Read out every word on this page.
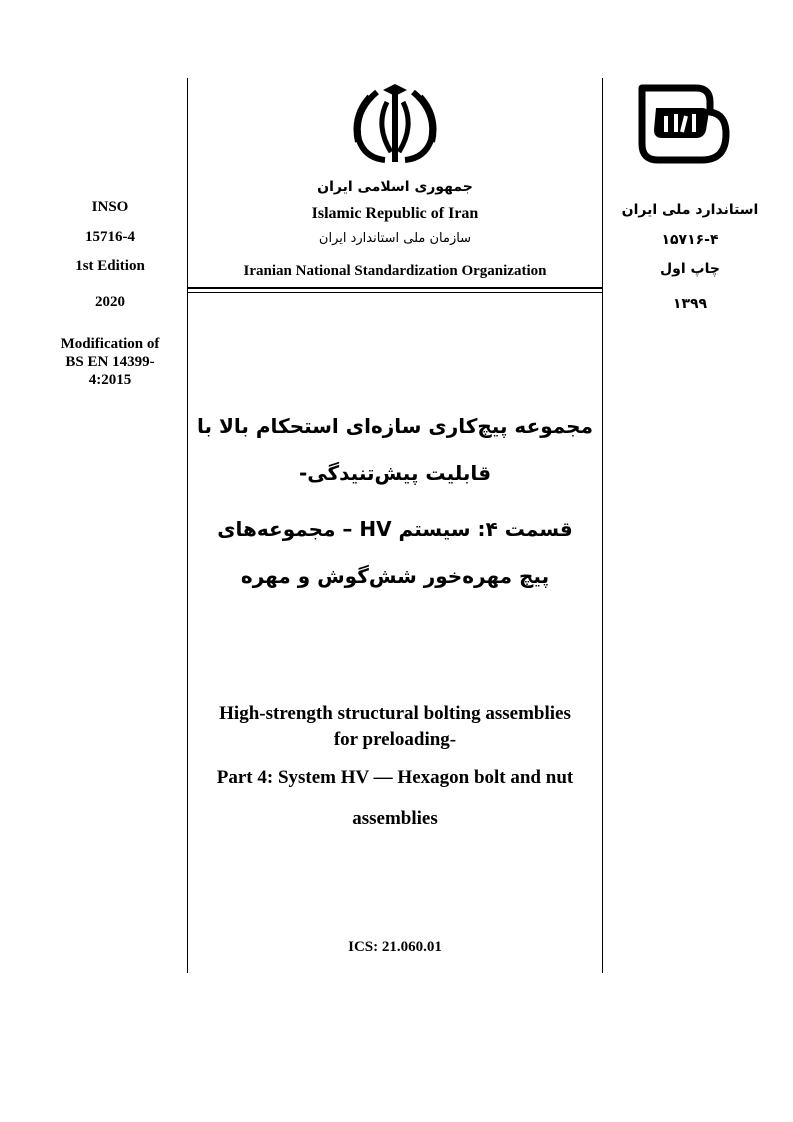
INSO
15716-4
1st Edition
2020
Modification of
BS EN 14399-
4:2015
استاندارد ملی ایران
۱۵۷۱۶-۴
چاپ اول
۱۳۹۹
جمهوری اسلامی ایران
Islamic Republic of Iran
سازمان ملی استاندارد ایران
Iranian National Standardization Organization
مجموعه پیچ‌کاری سازه‌ای استحکام بالا با
قابلیت پیش‌تنیدگی-
قسمت ۴: سیستم HV – مجموعه‌های
پیچ مهره‌خور شش‌گوش و مهره
High-strength structural bolting assemblies
for preloading-
Part 4: System HV — Hexagon bolt and nut
assemblies
ICS: 21.060.01
